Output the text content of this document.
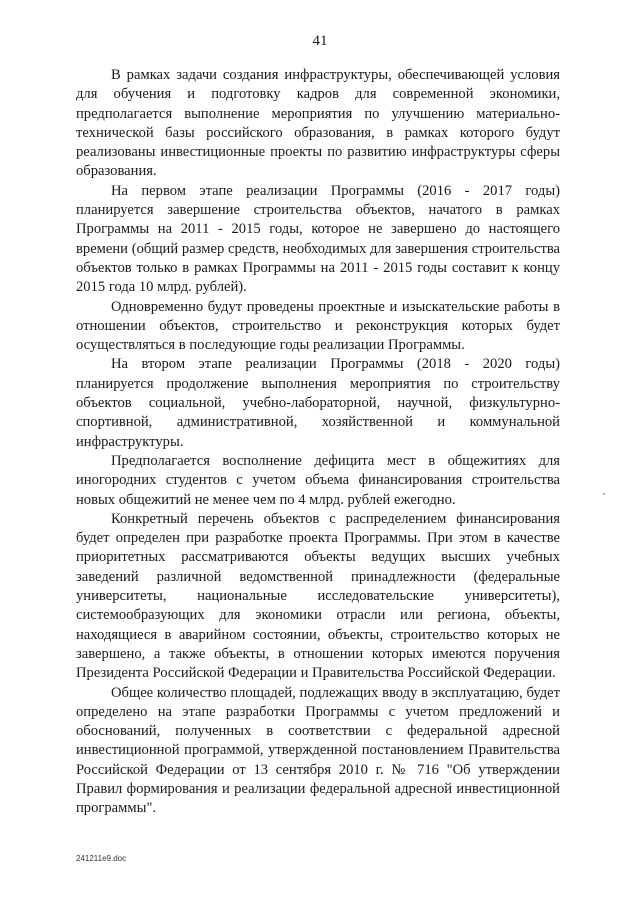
41

В рамках задачи создания инфраструктуры, обеспечивающей условия для обучения и подготовку кадров для современной экономики, предполагается выполнение мероприятия по улучшению материально-технической базы российского образования, в рамках которого будут реализованы инвестиционные проекты по развитию инфраструктуры сферы образования.

На первом этапе реализации Программы (2016 - 2017 годы) планируется завершение строительства объектов, начатого в рамках Программы на 2011 - 2015 годы, которое не завершено до настоящего времени (общий размер средств, необходимых для завершения строительства объектов только в рамках Программы на 2011 - 2015 годы составит к концу 2015 года 10 млрд. рублей).

Одновременно будут проведены проектные и изыскательские работы в отношении объектов, строительство и реконструкция которых будет осуществляться в последующие годы реализации Программы.

На втором этапе реализации Программы (2018 - 2020 годы) планируется продолжение выполнения мероприятия по строительству объектов социальной, учебно-лабораторной, научной, физкультурно-спортивной, административной, хозяйственной и коммунальной инфраструктуры.

Предполагается восполнение дефицита мест в общежитиях для иногородних студентов с учетом объема финансирования строительства новых общежитий не менее чем по 4 млрд. рублей ежегодно.

Конкретный перечень объектов с распределением финансирования будет определен при разработке проекта Программы. При этом в качестве приоритетных рассматриваются объекты ведущих высших учебных заведений различной ведомственной принадлежности (федеральные университеты, национальные исследовательские университеты), системообразующих для экономики отрасли или региона, объекты, находящиеся в аварийном состоянии, объекты, строительство которых не завершено, а также объекты, в отношении которых имеются поручения Президента Российской Федерации и Правительства Российской Федерации.

Общее количество площадей, подлежащих вводу в эксплуатацию, будет определено на этапе разработки Программы с учетом предложений и обоснований, полученных в соответствии с федеральной адресной инвестиционной программой, утвержденной постановлением Правительства Российской Федерации от 13 сентября 2010 г. № 716 "Об утверждении Правил формирования и реализации федеральной адресной инвестиционной программы".

241211e9.doc
